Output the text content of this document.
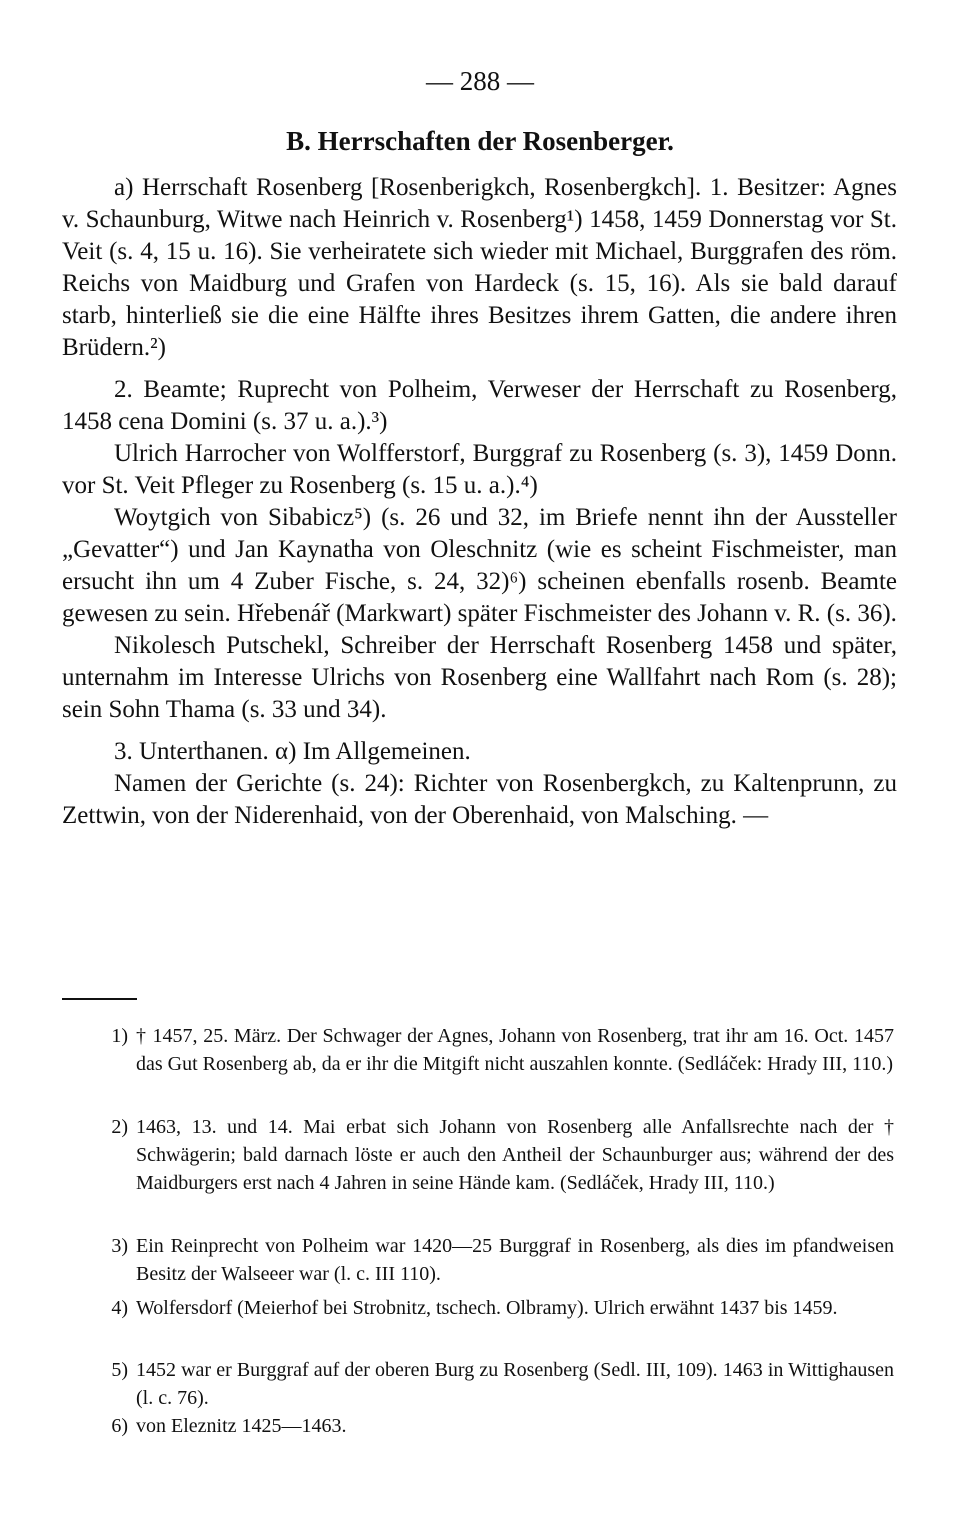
— 288 —
B. Herrschaften der Rosenberger.

a) Herrschaft Rosenberg [Rosenberigkch, Rosenbergkch]. 1. Besitzer: Agnes v. Schaunburg, Witwe nach Heinrich v. Rosenberg¹) 1458, 1459 Donnerstag vor St. Veit (s. 4, 15 u. 16). Sie verheiratete sich wieder mit Michael, Burggrafen des röm. Reichs von Maidburg und Grafen von Hardeck (s. 15, 16). Als sie bald darauf starb, hinterließ sie die eine Hälfte ihres Besitzes ihrem Gatten, die andere ihren Brüdern.²)

2. Beamte; Ruprecht von Polheim, Verweser der Herrschaft zu Rosenberg, 1458 cena Domini (s. 37 u. a.).³)

Ulrich Harrocher von Wolfferstorf, Burggraf zu Rosenberg (s. 3), 1459 Donn. vor St. Veit Pfleger zu Rosenberg (s. 15 u. a.).⁴)

Woytgich von Sibabicz⁵) (s. 26 und 32, im Briefe nennt ihn der Aussteller „Gevatter“) und Jan Kaynatha von Oleschnitz (wie es scheint Fischmeister, man ersucht ihn um 4 Zuber Fische, s. 24, 32)⁶) scheinen ebenfalls rosenb. Beamte gewesen zu sein. Hřebenář (Markwart) später Fischmeister des Johann v. R. (s. 36).

Nikolesch Putschekl, Schreiber der Herrschaft Rosenberg 1458 und später, unternahm im Interesse Ulrichs von Rosenberg eine Wallfahrt nach Rom (s. 28); sein Sohn Thama (s. 33 und 34).

3. Unterthanen. α) Im Allgemeinen.

Namen der Gerichte (s. 24): Richter von Rosenbergkch, zu Kaltenprunn, zu Zettwin, von der Niderenhaid, von der Oberenhaid, von Malsching. —

1) † 1457, 25. März. Der Schwager der Agnes, Johann von Rosenberg, trat ihr am 16. Oct. 1457 das Gut Rosenberg ab, da er ihr die Mitgift nicht auszahlen konnte. (Sedláček: Hrady III, 110.)
2) 1463, 13. und 14. Mai erbat sich Johann von Rosenberg alle Anfallsrechte nach der † Schwägerin; bald darnach löste er auch den Antheil der Schaunburger aus; während der des Maidburgers erst nach 4 Jahren in seine Hände kam. (Sedláček, Hrady III, 110.)
3) Ein Reinprecht von Polheim war 1420—25 Burggraf in Rosenberg, als dies im pfandweisen Besitz der Walseeer war (l. c. III 110).
4) Wolfersdorf (Meierhof bei Strobnitz, tschech. Olbramy). Ulrich erwähnt 1437 bis 1459.
5) 1452 war er Burggraf auf der oberen Burg zu Rosenberg (Sedl. III, 109). 1463 in Wittighausen (l. c. 76).
6) von Eleznitz 1425—1463.
